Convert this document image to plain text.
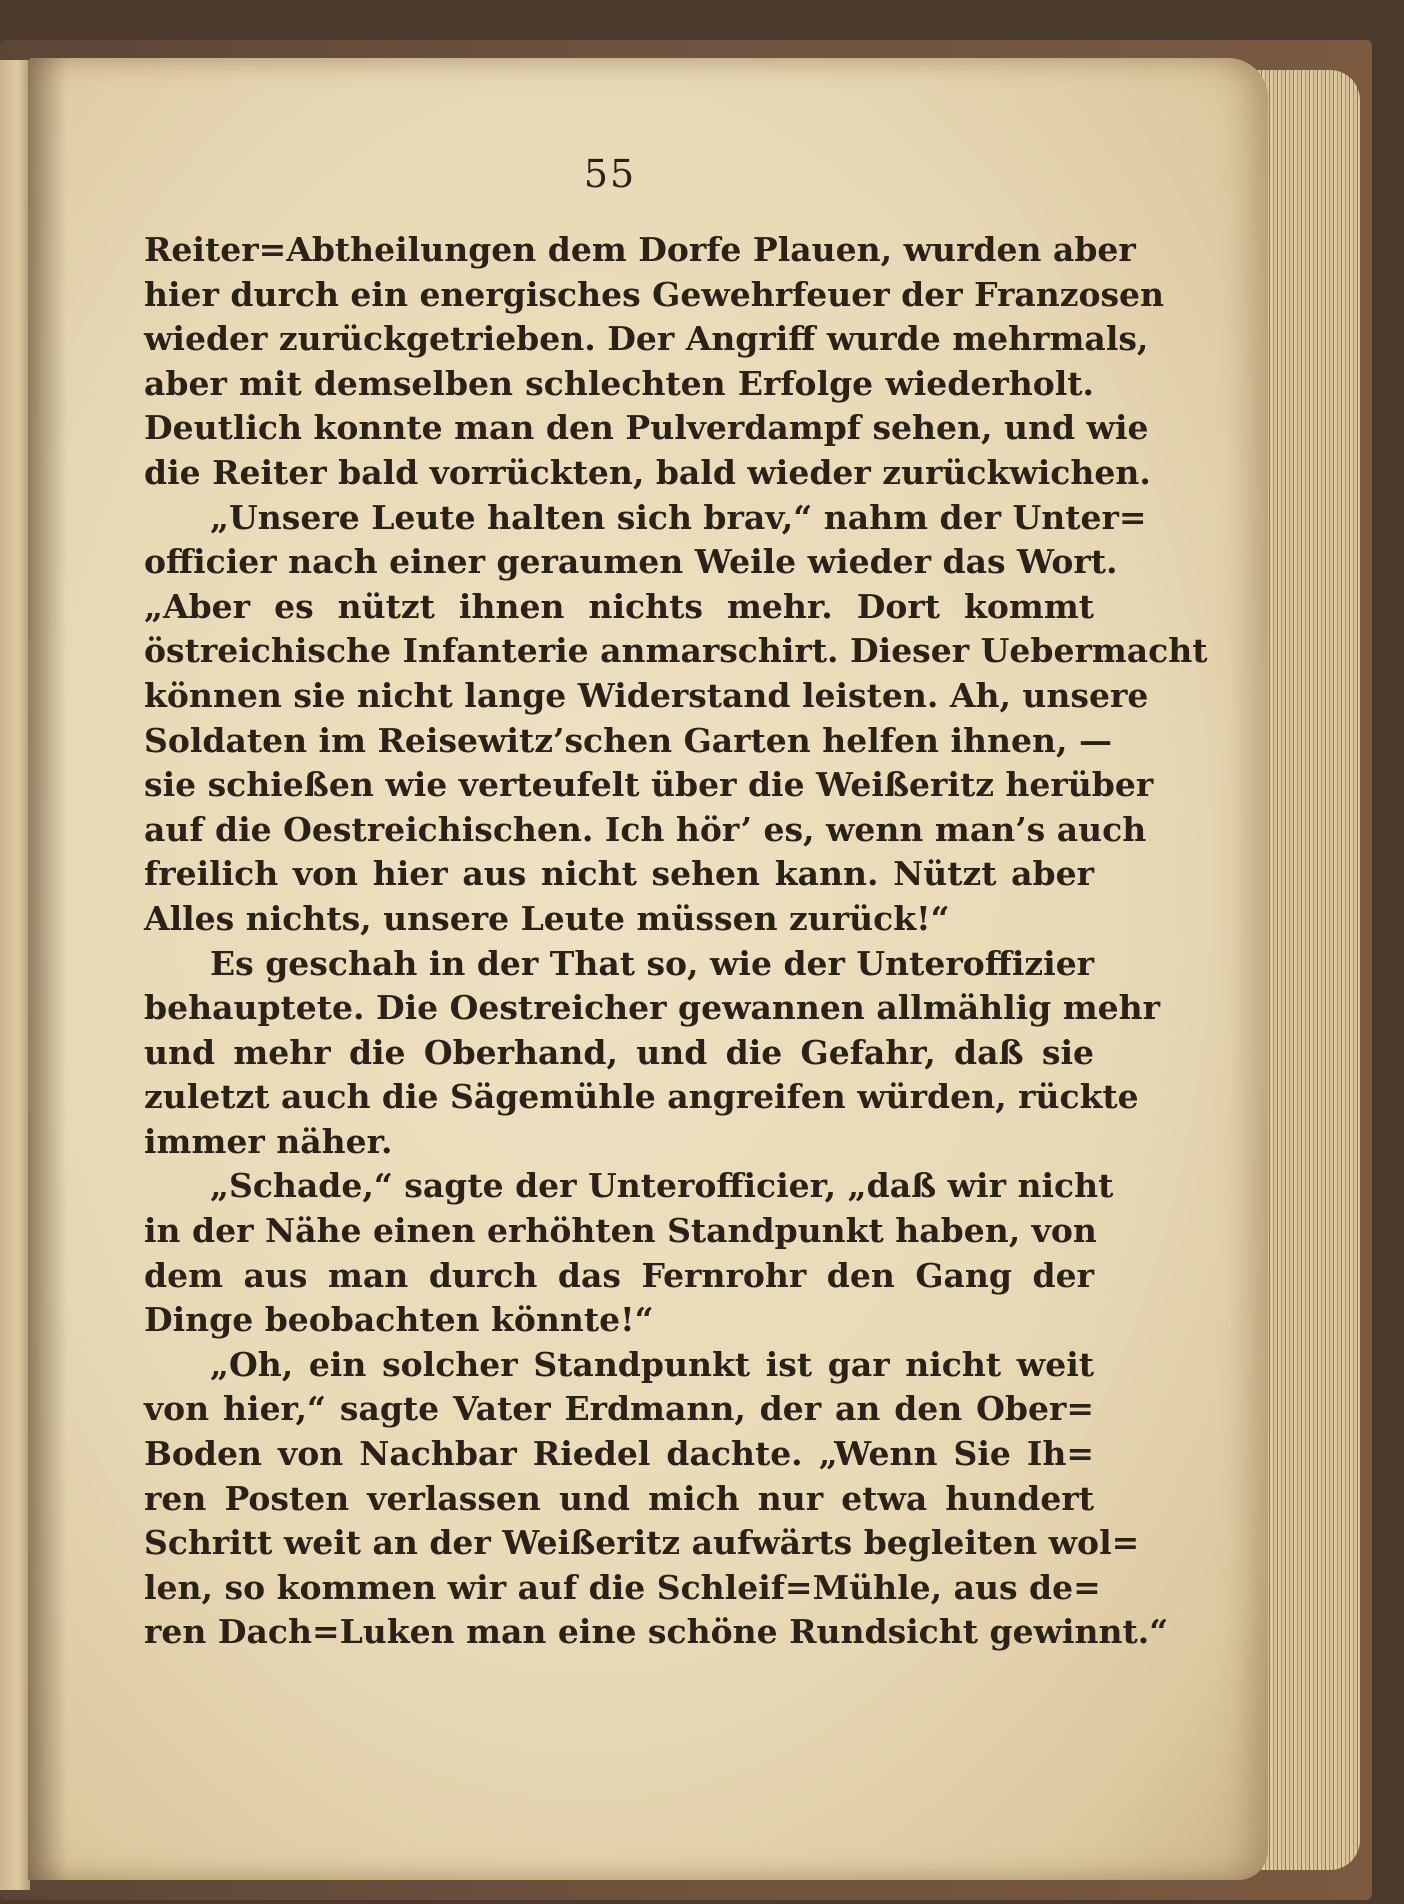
55
Reiter=Abtheilungen dem Dorfe Plauen, wurden aber
hier durch ein energisches Gewehrfeuer der Franzosen
wieder zurückgetrieben. Der Angriff wurde mehrmals,
aber mit demselben schlechten Erfolge wiederholt.
Deutlich konnte man den Pulverdampf sehen, und wie
die Reiter bald vorrückten, bald wieder zurückwichen.
„Unsere Leute halten sich brav,“ nahm der Unter=
officier nach einer geraumen Weile wieder das Wort.
„Aber es nützt ihnen nichts mehr. Dort kommt
östreichische Infanterie anmarschirt. Dieser Uebermacht
können sie nicht lange Widerstand leisten. Ah, unsere
Soldaten im Reisewitz’schen Garten helfen ihnen, —
sie schießen wie verteufelt über die Weißeritz herüber
auf die Oestreichischen. Ich hör’ es, wenn man’s auch
freilich von hier aus nicht sehen kann. Nützt aber
Alles nichts, unsere Leute müssen zurück!“
Es geschah in der That so, wie der Unteroffizier
behauptete. Die Oestreicher gewannen allmählig mehr
und mehr die Oberhand, und die Gefahr, daß sie
zuletzt auch die Sägemühle angreifen würden, rückte
immer näher.
„Schade,“ sagte der Unterofficier, „daß wir nicht
in der Nähe einen erhöhten Standpunkt haben, von
dem aus man durch das Fernrohr den Gang der
Dinge beobachten könnte!“
„Oh, ein solcher Standpunkt ist gar nicht weit
von hier,“ sagte Vater Erdmann, der an den Ober=
Boden von Nachbar Riedel dachte. „Wenn Sie Ih=
ren Posten verlassen und mich nur etwa hundert
Schritt weit an der Weißeritz aufwärts begleiten wol=
len, so kommen wir auf die Schleif=Mühle, aus de=
ren Dach=Luken man eine schöne Rundsicht gewinnt.“
